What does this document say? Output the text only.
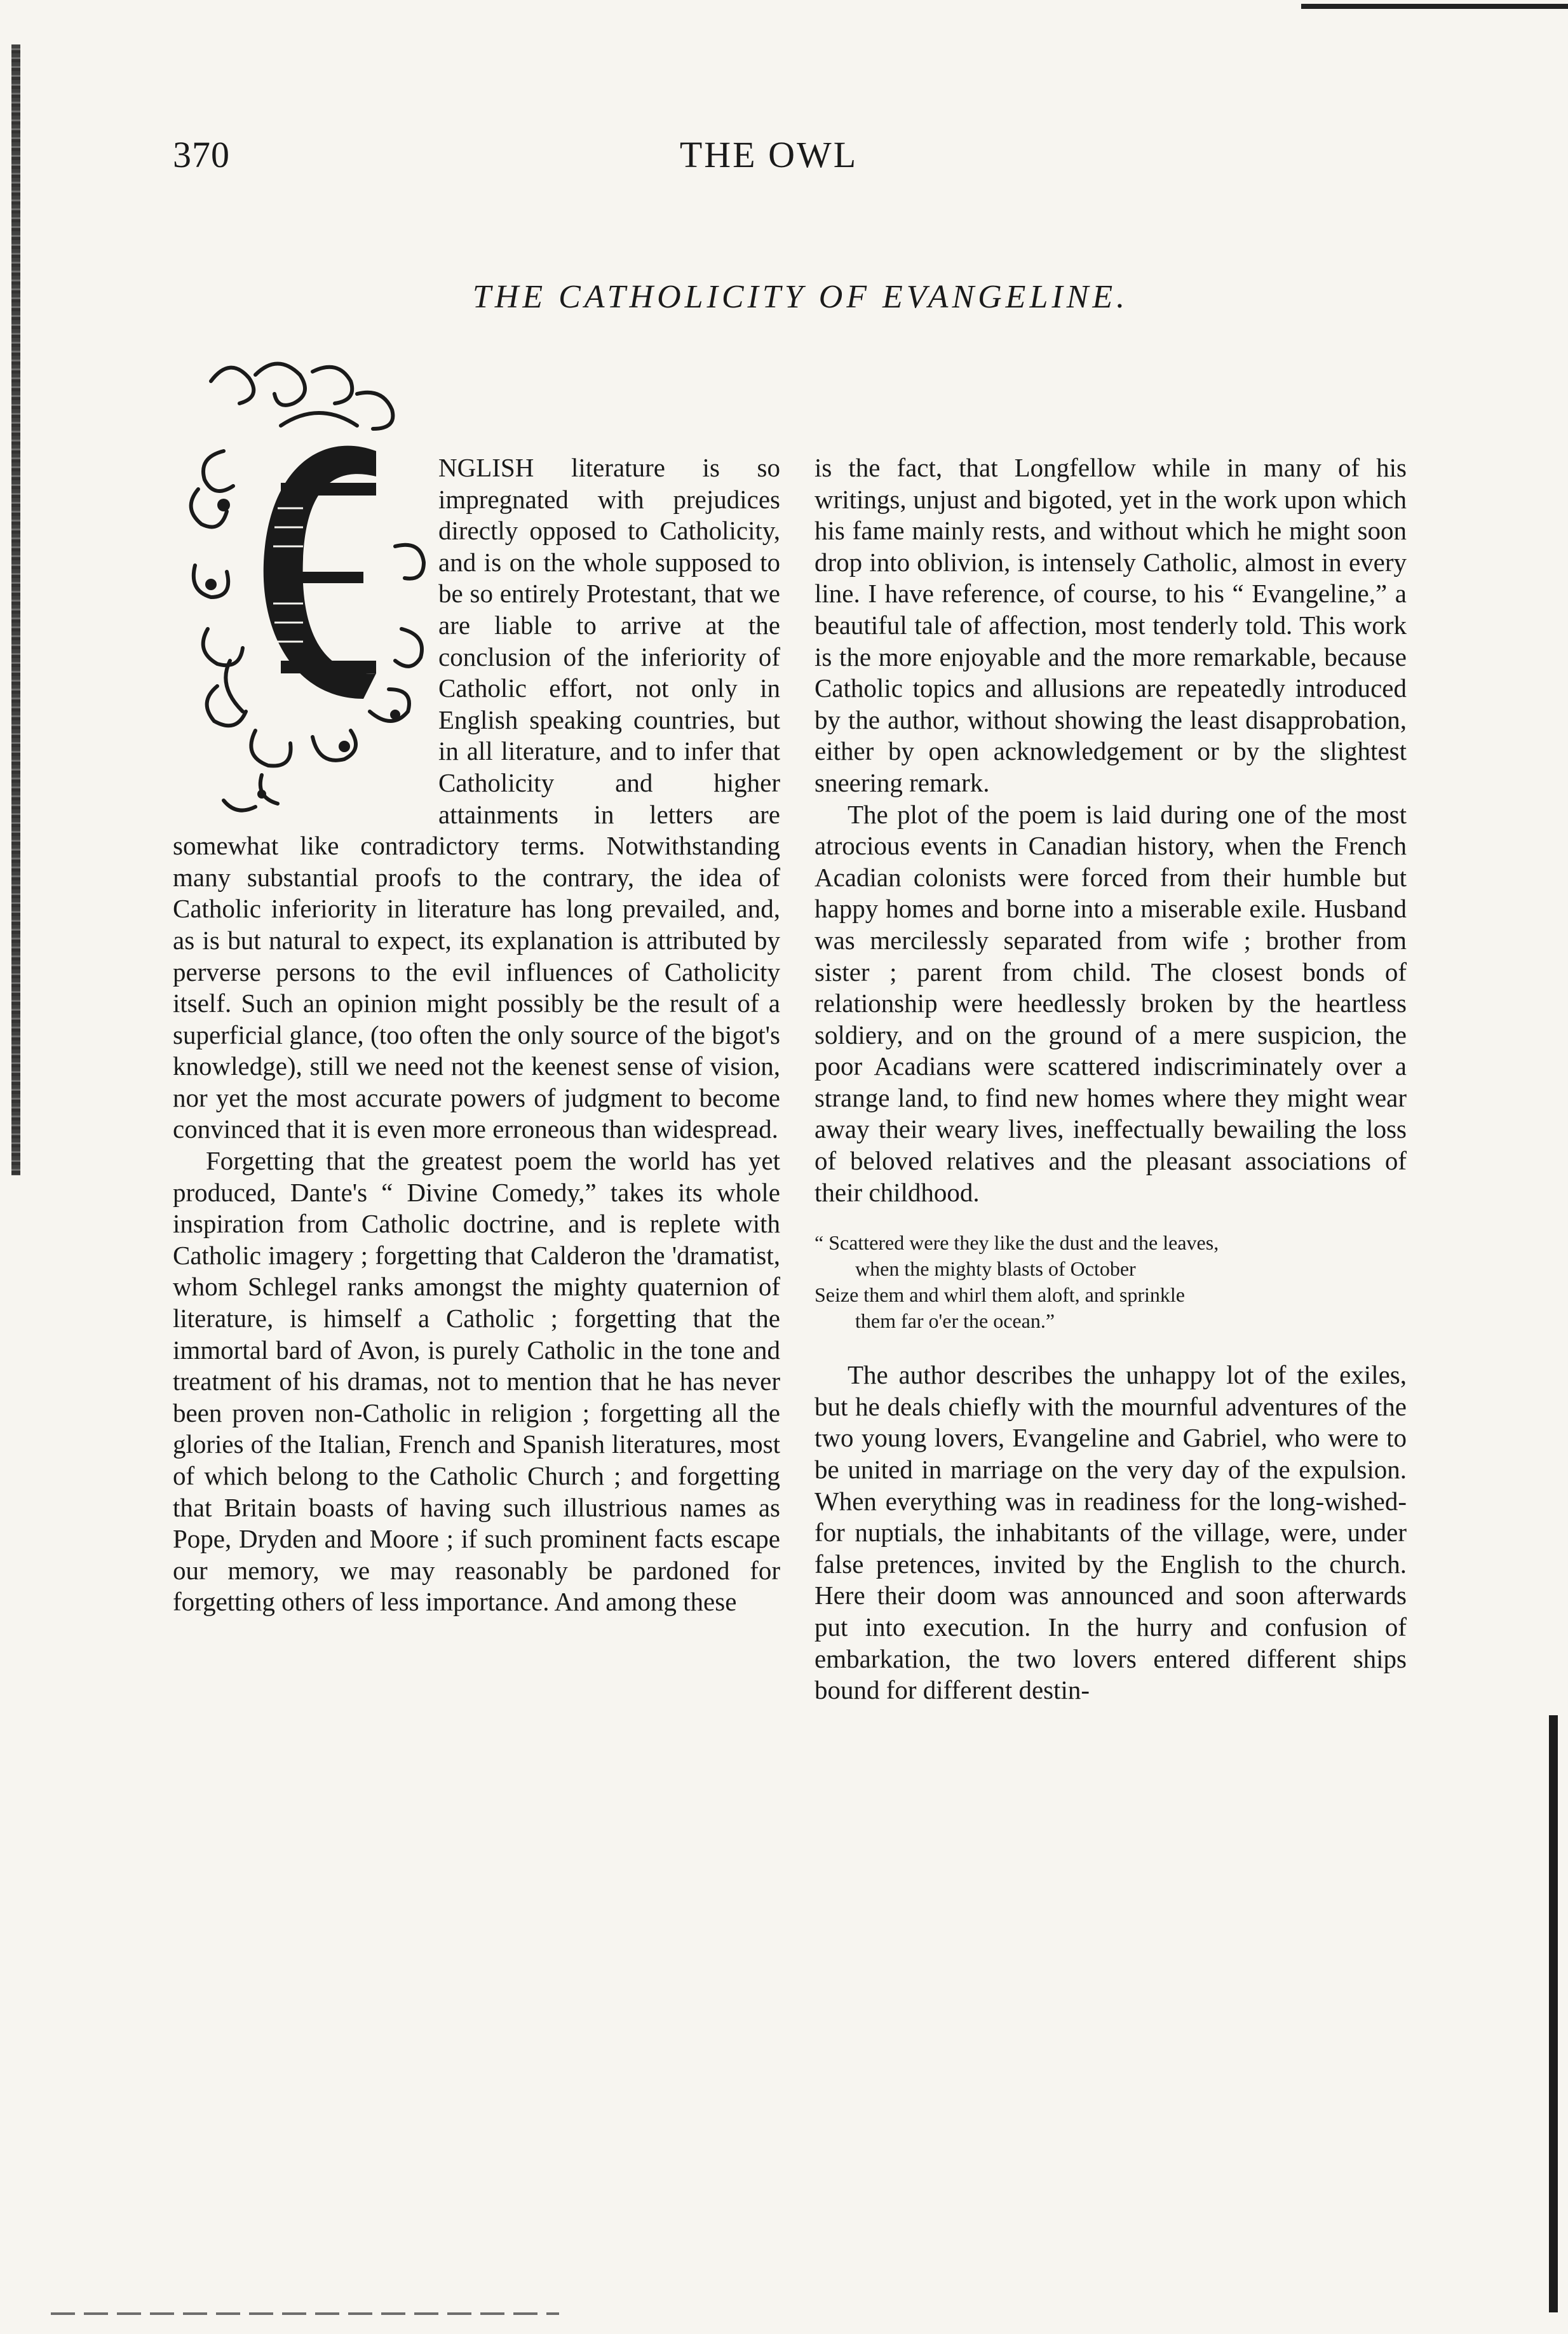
370	THE OWL
THE CATHOLICITY OF EVANGELINE.

NGLISH literature is so impregnated with prejudices directly opposed to Catholicity, and is on the whole supposed to be so entirely Protestant, that we are liable to arrive at the conclusion of the inferiority of Catholic effort, not only in English speaking countries, but in all literature, and to infer that Catholicity and higher attainments in letters are somewhat like contradictory terms. Notwithstanding many substantial proofs to the contrary, the idea of Catholic inferiority in literature has long prevailed, and, as is but natural to expect, its explanation is attributed by perverse persons to the evil influences of Catholicity itself. Such an opinion might possibly be the result of a superficial glance, (too often the only source of the bigot's knowledge), still we need not the keenest sense of vision, nor yet the most accurate powers of judgment to become convinced that it is even more erroneous than widespread.

Forgetting that the greatest poem the world has yet produced, Dante's “ Divine Comedy,” takes its whole inspiration from Catholic doctrine, and is replete with Catholic imagery ; forgetting that Calderon the 'dramatist, whom Schlegel ranks amongst the mighty quaternion of literature, is himself a Catholic ; forgetting that the immortal bard of Avon, is purely Catholic in the tone and treatment of his dramas, not to mention that he has never been proven non-Catholic in religion ; forgetting all the glories of the Italian, French and Spanish literatures, most of which belong to the Catholic Church ; and forgetting that Britain boasts of having such illustrious names as Pope, Dryden and Moore ; if such prominent facts escape our memory, we may reasonably be pardoned for forgetting others of less importance. And among these

is the fact, that Longfellow while in many of his writings, unjust and bigoted, yet in the work upon which his fame mainly rests, and without which he might soon drop into oblivion, is intensely Catholic, almost in every line. I have reference, of course, to his “ Evangeline,” a beautiful tale of affection, most tenderly told. This work is the more enjoyable and the more remarkable, because Catholic topics and allusions are repeatedly introduced by the author, without showing the least disapprobation, either by open acknowledgement or by the slightest sneering remark.

The plot of the poem is laid during one of the most atrocious events in Canadian history, when the French Acadian colonists were forced from their humble but happy homes and borne into a miserable exile. Husband was mercilessly separated from wife ; brother from sister ; parent from child. The closest bonds of relationship were heedlessly broken by the heartless soldiery, and on the ground of a mere suspicion, the poor Acadians were scattered indiscriminately over a strange land, to find new homes where they might wear away their weary lives, ineffectually bewailing the loss of beloved relatives and the pleasant associations of their childhood.

“ Scattered were they like the dust and the leaves,
when the mighty blasts of October
Seize them and whirl them aloft, and sprinkle
them far o'er the ocean.”

The author describes the unhappy lot of the exiles, but he deals chiefly with the mournful adventures of the two young lovers, Evangeline and Gabriel, who were to be united in marriage on the very day of the expulsion. When everything was in readiness for the long-wished-for nuptials, the inhabitants of the village, were, under false pretences, invited by the English to the church. Here their doom was announced and soon afterwards put into execution. In the hurry and confusion of embarkation, the two lovers entered different ships bound for different destin-
